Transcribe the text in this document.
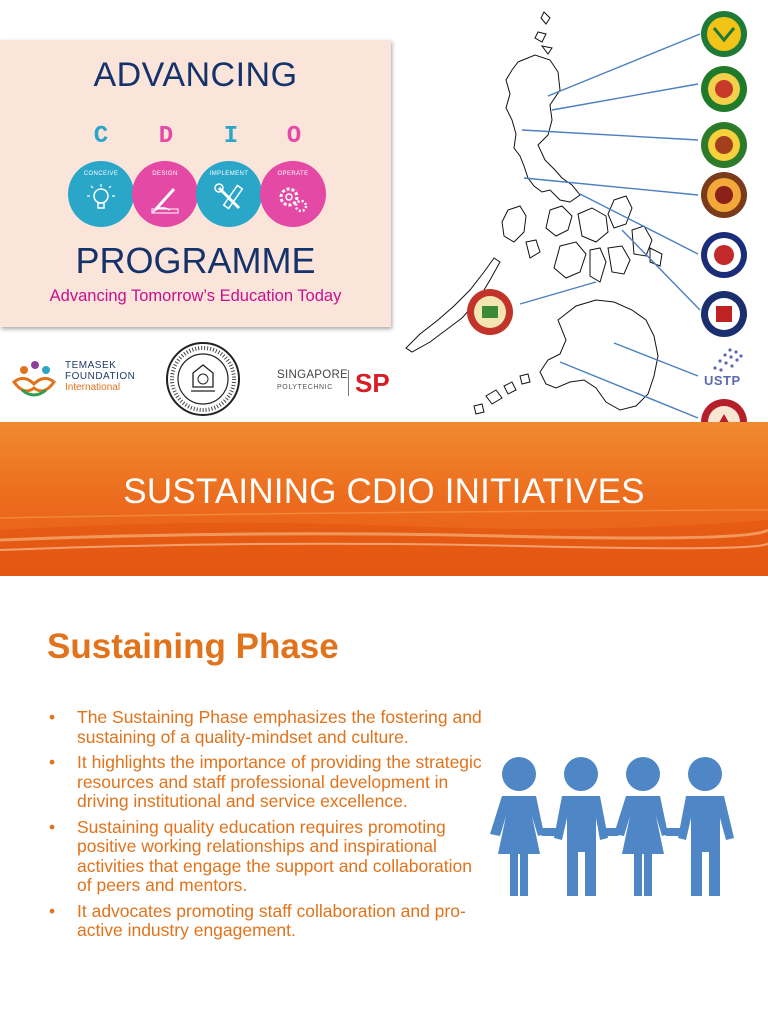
ADVANCING
C	D	I	O
CONCEIVE	DESIGN	IMPLEMENT	OPERATE
PROGRAMME
Advancing Tomorrow’s Education Today
TEMASEK
FOUNDATION
International
SINGAPORE
POLYTECHNIC SP	USTP
SUSTAINING CDIO INITIATIVES
Sustaining Phase
• The Sustaining Phase emphasizes the fostering and sustaining of a quality-mindset and culture.
• It highlights the importance of providing the strategic resources and staff professional development in driving institutional and service excellence.
• Sustaining quality education requires promoting positive working relationships and inspirational activities that engage the support and collaboration of peers and mentors.
• It advocates promoting staff collaboration and pro-active industry engagement.
